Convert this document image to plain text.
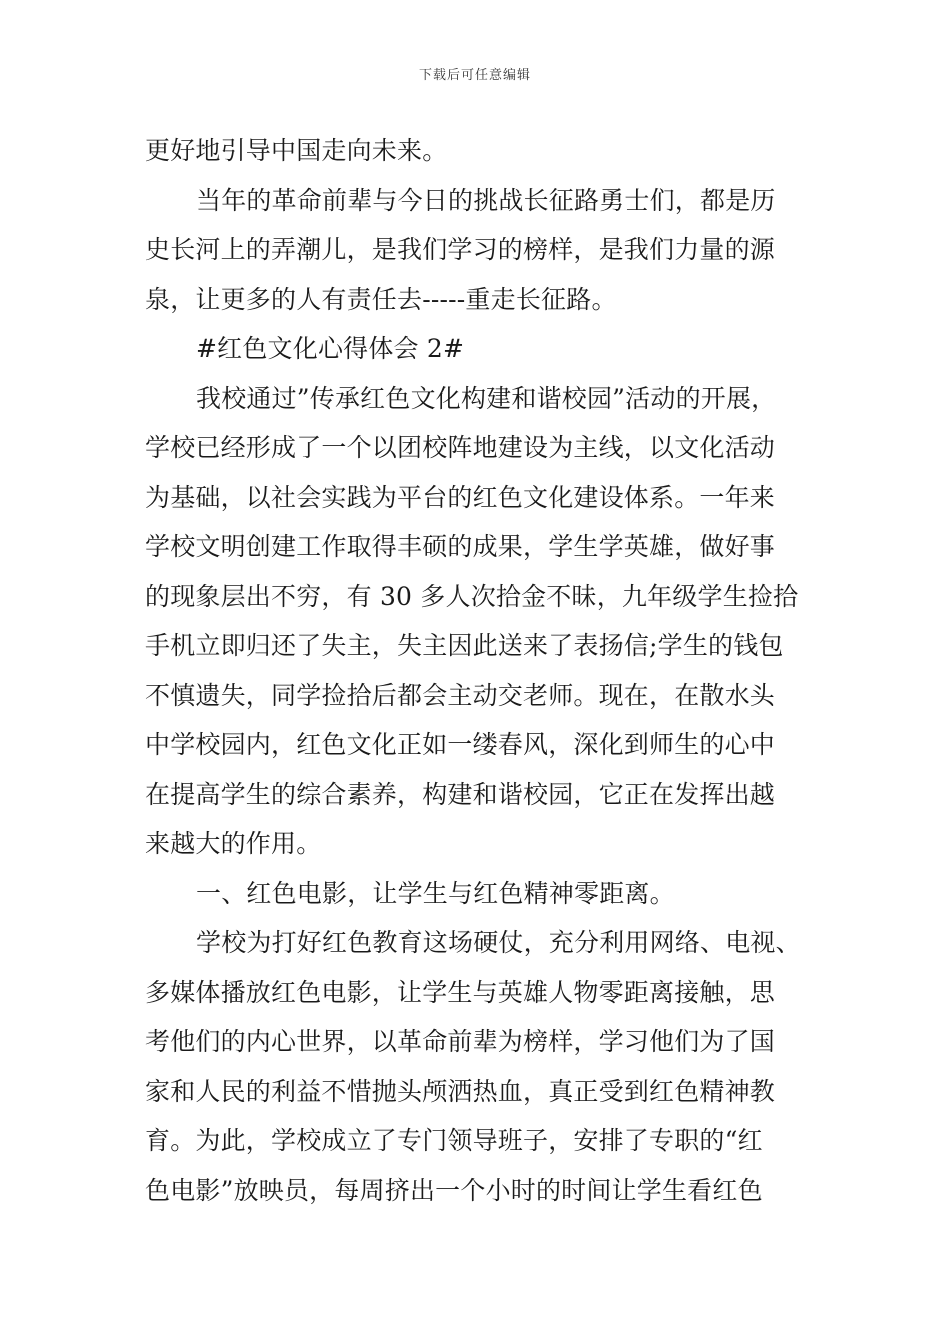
下载后可任意编辑
更好地引导中国走向未来。
当年的革命前辈与今日的挑战长征路勇士们，都是历
史长河上的弄潮儿，是我们学习的榜样，是我们力量的源
泉，让更多的人有责任去-----重走长征路。
#红色文化心得体会 2#
我校通过”传承红色文化构建和谐校园”活动的开展，
学校已经形成了一个以团校阵地建设为主线，以文化活动
为基础，以社会实践为平台的红色文化建设体系。一年来
学校文明创建工作取得丰硕的成果，学生学英雄，做好事
的现象层出不穷，有 30 多人次拾金不昧，九年级学生捡拾
手机立即归还了失主，失主因此送来了表扬信;学生的钱包
不慎遗失，同学捡拾后都会主动交老师。现在，在散水头
中学校园内，红色文化正如一缕春风，深化到师生的心中
在提高学生的综合素养，构建和谐校园，它正在发挥出越
来越大的作用。
一、红色电影，让学生与红色精神零距离。
学校为打好红色教育这场硬仗，充分利用网络、电视、
多媒体播放红色电影，让学生与英雄人物零距离接触，思
考他们的内心世界，以革命前辈为榜样，学习他们为了国
家和人民的利益不惜抛头颅洒热血，真正受到红色精神教
育。为此，学校成立了专门领导班子，安排了专职的“红
色电影”放映员，每周挤出一个小时的时间让学生看红色
